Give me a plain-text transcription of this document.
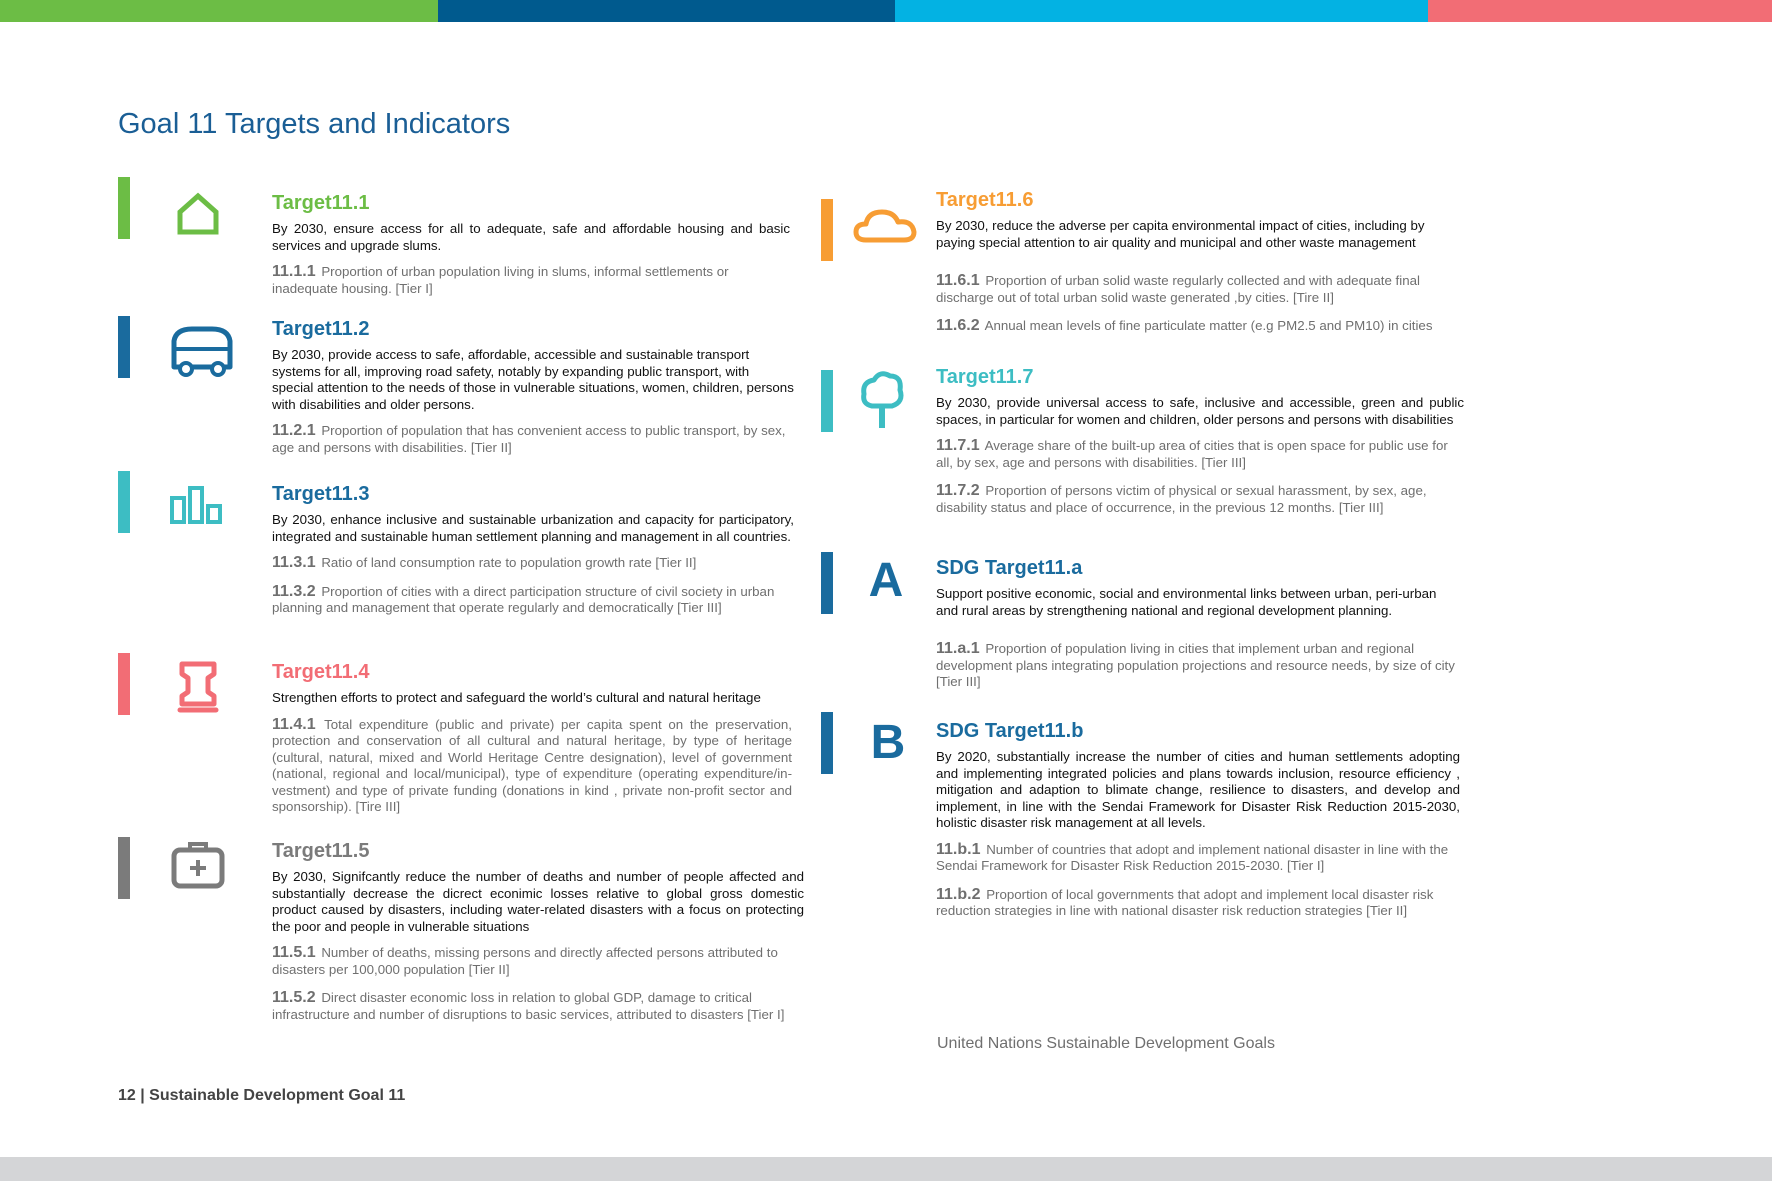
Goal 11 Targets and Indicators
Target11.1
By 2030, ensure access for all to adequate, safe and affordable housing and basic services and upgrade slums.
11.1.1 Proportion of urban population living in slums, informal settlements or inadequate housing. [Tier I]
Target11.2
By 2030, provide access to safe, affordable, accessible and sustainable transport systems for all, improving road safety, notably by expanding public transport, with special attention to the needs of those in vulnerable situations, women, children, persons with disabilities and older persons.
11.2.1 Proportion of population that has convenient access to public transport, by sex, age and persons with disabilities. [Tier II]
Target11.3
By 2030, enhance inclusive and sustainable urbanization and capacity for participatory, integrated and sustainable human settlement planning and management in all countries.
11.3.1 Ratio of land consumption rate to population growth rate [Tier II]
11.3.2 Proportion of cities with a direct participation structure of civil society in urban planning and management that operate regularly and democratically [Tier III]
Target11.4
Strengthen efforts to protect and safeguard the world’s cultural and natural heritage
11.4.1 Total expenditure (public and private) per capita spent on the preservation, protection and conservation of all cultural and natural heritage, by type of heritage (cultural, natural, mixed and World Heritage Centre designation), level of government (national, regional and local/municipal), type of expenditure (operating expenditure/in-vestment) and type of private funding (donations in kind , private non-profit sector and sponsorship). [Tire III]
Target11.5
By 2030, Signifcantly reduce the number of deaths and number of people affected and substantially decrease the dicrect econimic losses relative to global gross domestic product caused by disasters, including water-related disasters with a focus on protecting the poor and people in vulnerable situations
11.5.1 Number of deaths, missing persons and directly affected persons attributed to disasters per 100,000 population [Tier II]
11.5.2 Direct disaster economic loss in relation to global GDP, damage to critical infrastructure and number of disruptions to basic services, attributed to disasters [Tier I]
Target11.6
By 2030, reduce the adverse per capita environmental impact of cities, including by paying special attention to air quality and municipal and other waste management
11.6.1 Proportion of urban solid waste regularly collected and with adequate final discharge out of total urban solid waste generated ,by cities. [Tire II]
11.6.2 Annual mean levels of fine particulate matter (e.g PM2.5 and PM10) in cities
Target11.7
By 2030, provide universal access to safe, inclusive and accessible, green and public spaces, in particular for women and children, older persons and persons with disabilities
11.7.1 Average share of the built-up area of cities that is open space for public use for all, by sex, age and persons with disabilities. [Tier III]
11.7.2 Proportion of persons victim of physical or sexual harassment, by sex, age, disability status and place of occurrence, in the previous 12 months. [Tier III]
A	SDG Target11.a
Support positive economic, social and environmental links between urban, peri-urban and rural areas by strengthening national and regional development planning.
11.a.1 Proportion of population living in cities that implement urban and regional development plans integrating population projections and resource needs, by size of city [Tier III]
B	SDG Target11.b
By 2020, substantially increase the number of cities and human settlements adopting and implementing integrated policies and plans towards inclusion, resource efficiency , mitigation and adaption to blimate change, resilience to disasters, and develop and implement, in line with the Sendai Framework for Disaster Risk Reduction 2015-2030, holistic disaster risk management at all levels.
11.b.1 Number of countries that adopt and implement national disaster in line with the Sendai Framework for Disaster Risk Reduction 2015-2030. [Tier I]
11.b.2 Proportion of local governments that adopt and implement local disaster risk reduction strategies in line with national disaster risk reduction strategies [Tier II]
United Nations Sustainable Development Goals
12 | Sustainable Development Goal 11
